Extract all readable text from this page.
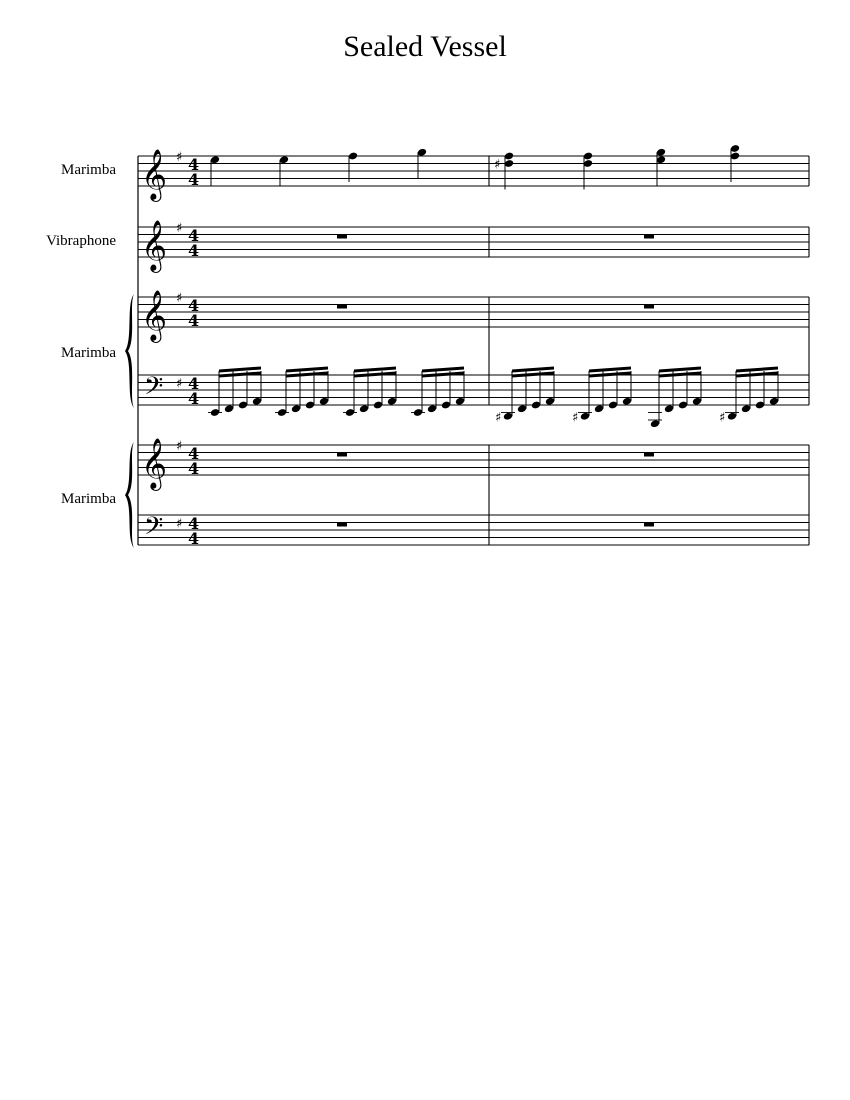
Sealed Vessel
Marimba
Vibraphone
Marimba
Marimba
𝄞
𝄞
𝄞
𝄞
𝄢
𝄢
♯
♯
♯
♯
♯
♯
4
4
4
4
4
4
4
4
4
4
4
4
♯
♯	♯	♯
